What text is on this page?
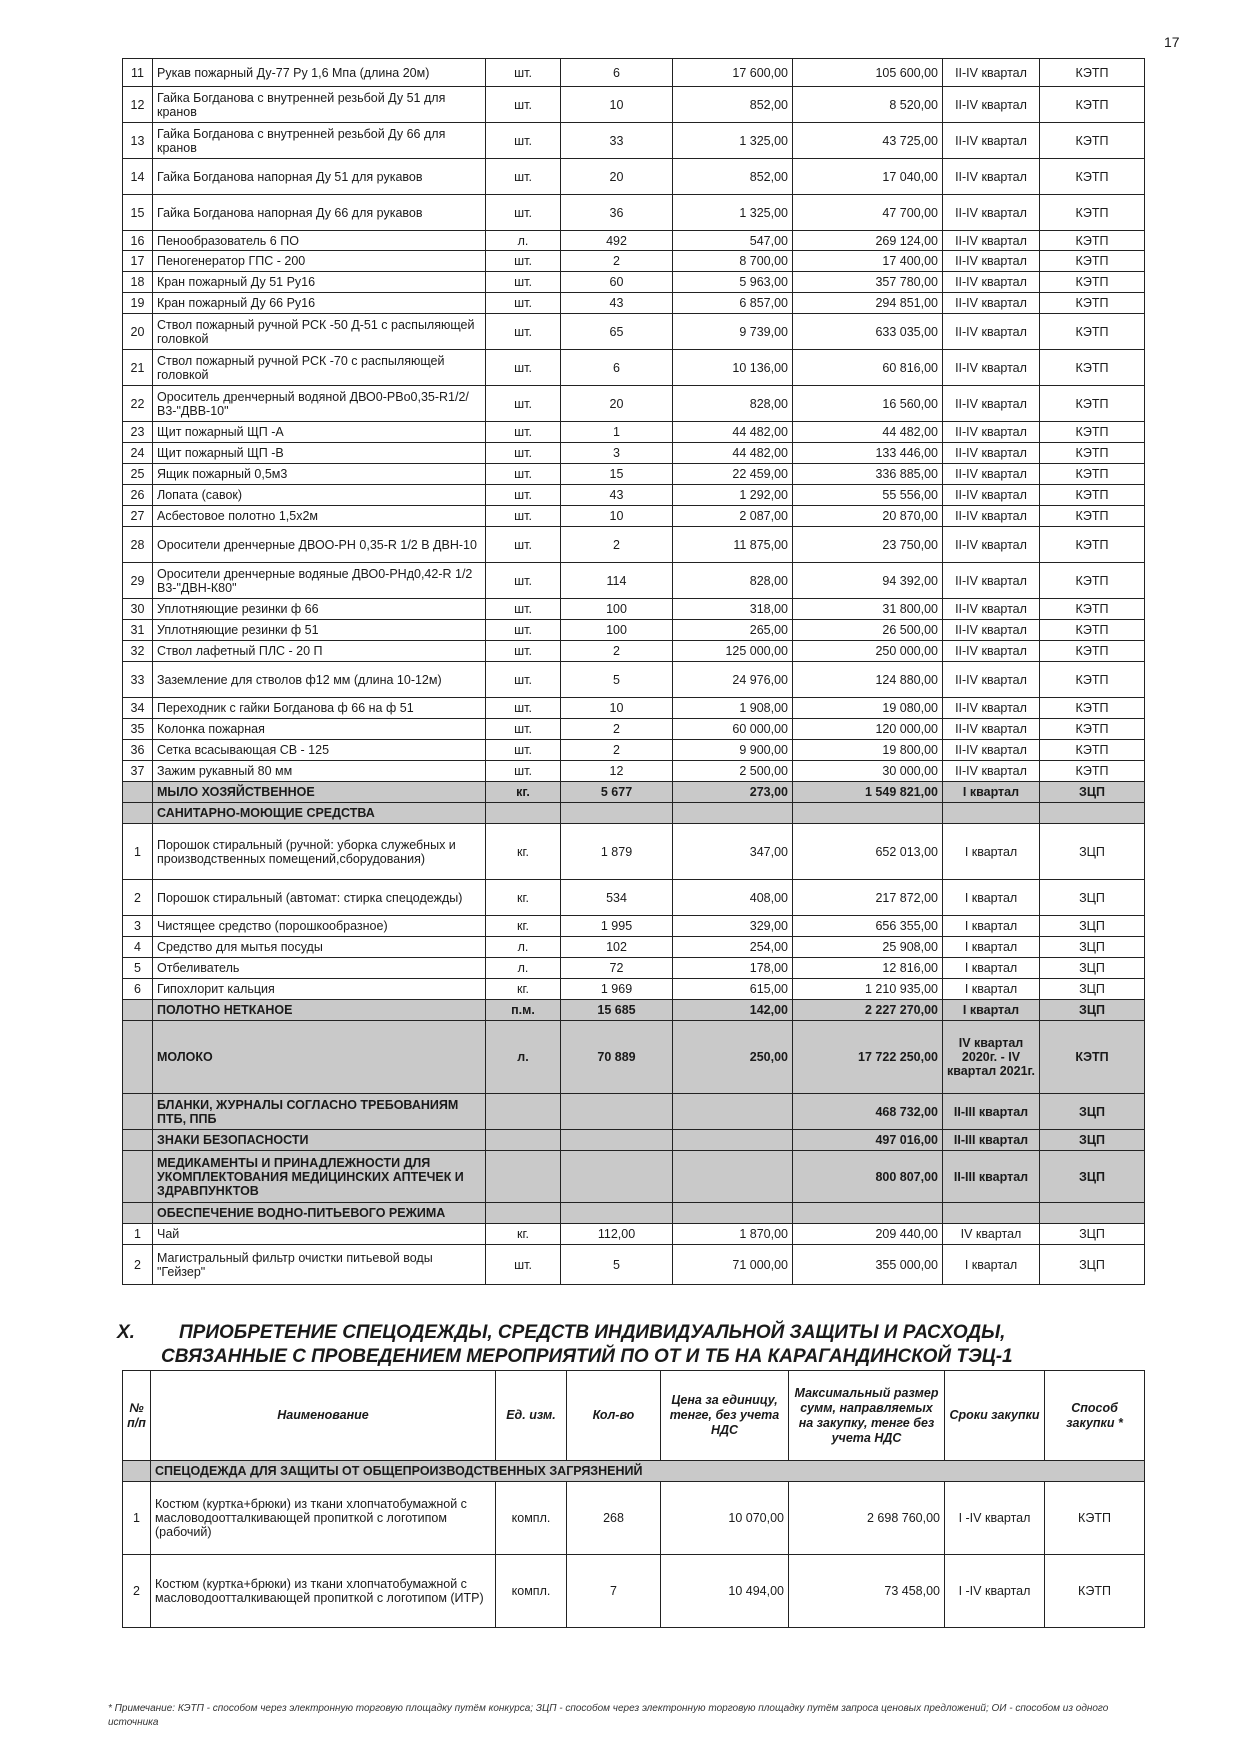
17
11	Рукав пожарный Ду-77 Ру 1,6 Мпа (длина 20м)	шт.	6	17 600,00	105 600,00	II-IV квартал	КЭТП
12	Гайка Богданова с внутренней резьбой Ду 51 для кранов	шт.	10	852,00	8 520,00	II-IV квартал	КЭТП
13	Гайка Богданова с внутренней резьбой Ду 66 для кранов	шт.	33	1 325,00	43 725,00	II-IV квартал	КЭТП
14	Гайка Богданова напорная Ду 51 для рукавов	шт.	20	852,00	17 040,00	II-IV квартал	КЭТП
15	Гайка Богданова напорная Ду 66 для рукавов	шт.	36	1 325,00	47 700,00	II-IV квартал	КЭТП
16	Пенообразователь 6 ПО	л.	492	547,00	269 124,00	II-IV квартал	КЭТП
17	Пеногенератор ГПС - 200	шт.	2	8 700,00	17 400,00	II-IV квартал	КЭТП
18	Кран пожарный Ду 51 Ру16	шт.	60	5 963,00	357 780,00	II-IV квартал	КЭТП
19	Кран пожарный Ду 66 Ру16	шт.	43	6 857,00	294 851,00	II-IV квартал	КЭТП
20	Ствол пожарный ручной РСК -50 Д-51 с распыляющей головкой	шт.	65	9 739,00	633 035,00	II-IV квартал	КЭТП
21	Ствол пожарный ручной РСК -70 с распыляющей головкой	шт.	6	10 136,00	60 816,00	II-IV квартал	КЭТП
22	Ороситель дренчерный водяной ДВО0-РВо0,35-R1/2/В3-"ДВВ-10"	шт.	20	828,00	16 560,00	II-IV квартал	КЭТП
23	Щит пожарный ЩП -А	шт.	1	44 482,00	44 482,00	II-IV квартал	КЭТП
24	Щит пожарный ЩП -В	шт.	3	44 482,00	133 446,00	II-IV квартал	КЭТП
25	Ящик пожарный 0,5м3	шт.	15	22 459,00	336 885,00	II-IV квартал	КЭТП
26	Лопата (савок)	шт.	43	1 292,00	55 556,00	II-IV квартал	КЭТП
27	Асбестовое полотно 1,5х2м	шт.	10	2 087,00	20 870,00	II-IV квартал	КЭТП
28	Оросители дренчерные ДВОО-РН 0,35-R 1/2 В ДВН-10	шт.	2	11 875,00	23 750,00	II-IV квартал	КЭТП
29	Оросители дренчерные водяные ДВО0-РНд0,42-R 1/2 В3-"ДВН-К80"	шт.	114	828,00	94 392,00	II-IV квартал	КЭТП
30	Уплотняющие резинки ф 66	шт.	100	318,00	31 800,00	II-IV квартал	КЭТП
31	Уплотняющие резинки ф 51	шт.	100	265,00	26 500,00	II-IV квартал	КЭТП
32	Ствол лафетный ПЛС - 20 П	шт.	2	125 000,00	250 000,00	II-IV квартал	КЭТП
33	Заземление для стволов ф12 мм (длина 10-12м)	шт.	5	24 976,00	124 880,00	II-IV квартал	КЭТП
34	Переходник с гайки Богданова ф 66 на ф 51	шт.	10	1 908,00	19 080,00	II-IV квартал	КЭТП
35	Колонка пожарная	шт.	2	60 000,00	120 000,00	II-IV квартал	КЭТП
36	Сетка всасывающая СВ - 125	шт.	2	9 900,00	19 800,00	II-IV квартал	КЭТП
37	Зажим рукавный 80 мм	шт.	12	2 500,00	30 000,00	II-IV квартал	КЭТП
	МЫЛО ХОЗЯЙСТВЕННОЕ	кг.	5 677	273,00	1 549 821,00	I квартал	ЗЦП
	САНИТАРНО-МОЮЩИЕ СРЕДСТВА						
1	Порошок стиральный (ручной: уборка служебных и производственных помещений,сборудования)	кг.	1 879	347,00	652 013,00	I квартал	ЗЦП
2	Порошок стиральный (автомат: стирка спецодежды)	кг.	534	408,00	217 872,00	I квартал	ЗЦП
3	Чистящее средство (порошкообразное)	кг.	1 995	329,00	656 355,00	I квартал	ЗЦП
4	Средство для мытья посуды	л.	102	254,00	25 908,00	I квартал	ЗЦП
5	Отбеливатель	л.	72	178,00	12 816,00	I квартал	ЗЦП
6	Гипохлорит кальция	кг.	1 969	615,00	1 210 935,00	I квартал	ЗЦП
	ПОЛОТНО НЕТКАНОЕ	п.м.	15 685	142,00	2 227 270,00	I квартал	ЗЦП
	МОЛОКО	л.	70 889	250,00	17 722 250,00	IV квартал 2020г. - IV квартал 2021г.	КЭТП
	БЛАНКИ, ЖУРНАЛЫ СОГЛАСНО ТРЕБОВАНИЯМ ПТБ, ППБ				468 732,00	II-III квартал	ЗЦП
	ЗНАКИ БЕЗОПАСНОСТИ				497 016,00	II-III квартал	ЗЦП
	МЕДИКАМЕНТЫ И ПРИНАДЛЕЖНОСТИ ДЛЯ УКОМПЛЕКТОВАНИЯ МЕДИЦИНСКИХ АПТЕЧЕК И ЗДРАВПУНКТОВ				800 807,00	II-III квартал	ЗЦП
	ОБЕСПЕЧЕНИЕ ВОДНО-ПИТЬЕВОГО РЕЖИМА						
1	Чай	кг.	112,00	1 870,00	209 440,00	IV квартал	ЗЦП
2	Магистральный фильтр очистки питьевой воды "Гейзер"	шт.	5	71 000,00	355 000,00	I квартал	ЗЦП
X. ПРИОБРЕТЕНИЕ СПЕЦОДЕЖДЫ, СРЕДСТВ ИНДИВИДУАЛЬНОЙ ЗАЩИТЫ И РАСХОДЫ,
СВЯЗАННЫЕ С ПРОВЕДЕНИЕМ МЕРОПРИЯТИЙ ПО ОТ И ТБ НА КАРАГАНДИНСКОЙ ТЭЦ-1
№ п/п	Наименование	Ед. изм.	Кол-во	Цена за единицу, тенге, без учета НДС	Максимальный размер сумм, направляемых на закупку, тенге без учета НДС	Сроки закупки	Способ закупки *
	СПЕЦОДЕЖДА ДЛЯ ЗАЩИТЫ ОТ ОБЩЕПРОИЗВОДСТВЕННЫХ ЗАГРЯЗНЕНИЙ						
1	Костюм (куртка+брюки) из ткани хлопчатобумажной с масловодоотталкивающей пропиткой с логотипом (рабочий)	компл.	268	10 070,00	2 698 760,00	I -IV квартал	КЭТП
2	Костюм (куртка+брюки) из ткани хлопчатобумажной с масловодоотталкивающей пропиткой с логотипом (ИТР)	компл.	7	10 494,00	73 458,00	I -IV квартал	КЭТП
* Примечание: КЭТП - способом через электронную торговую площадку путём конкурса; ЗЦП - способом через электронную торговую площадку путём запроса ценовых предложений; ОИ - способом из одного источника
